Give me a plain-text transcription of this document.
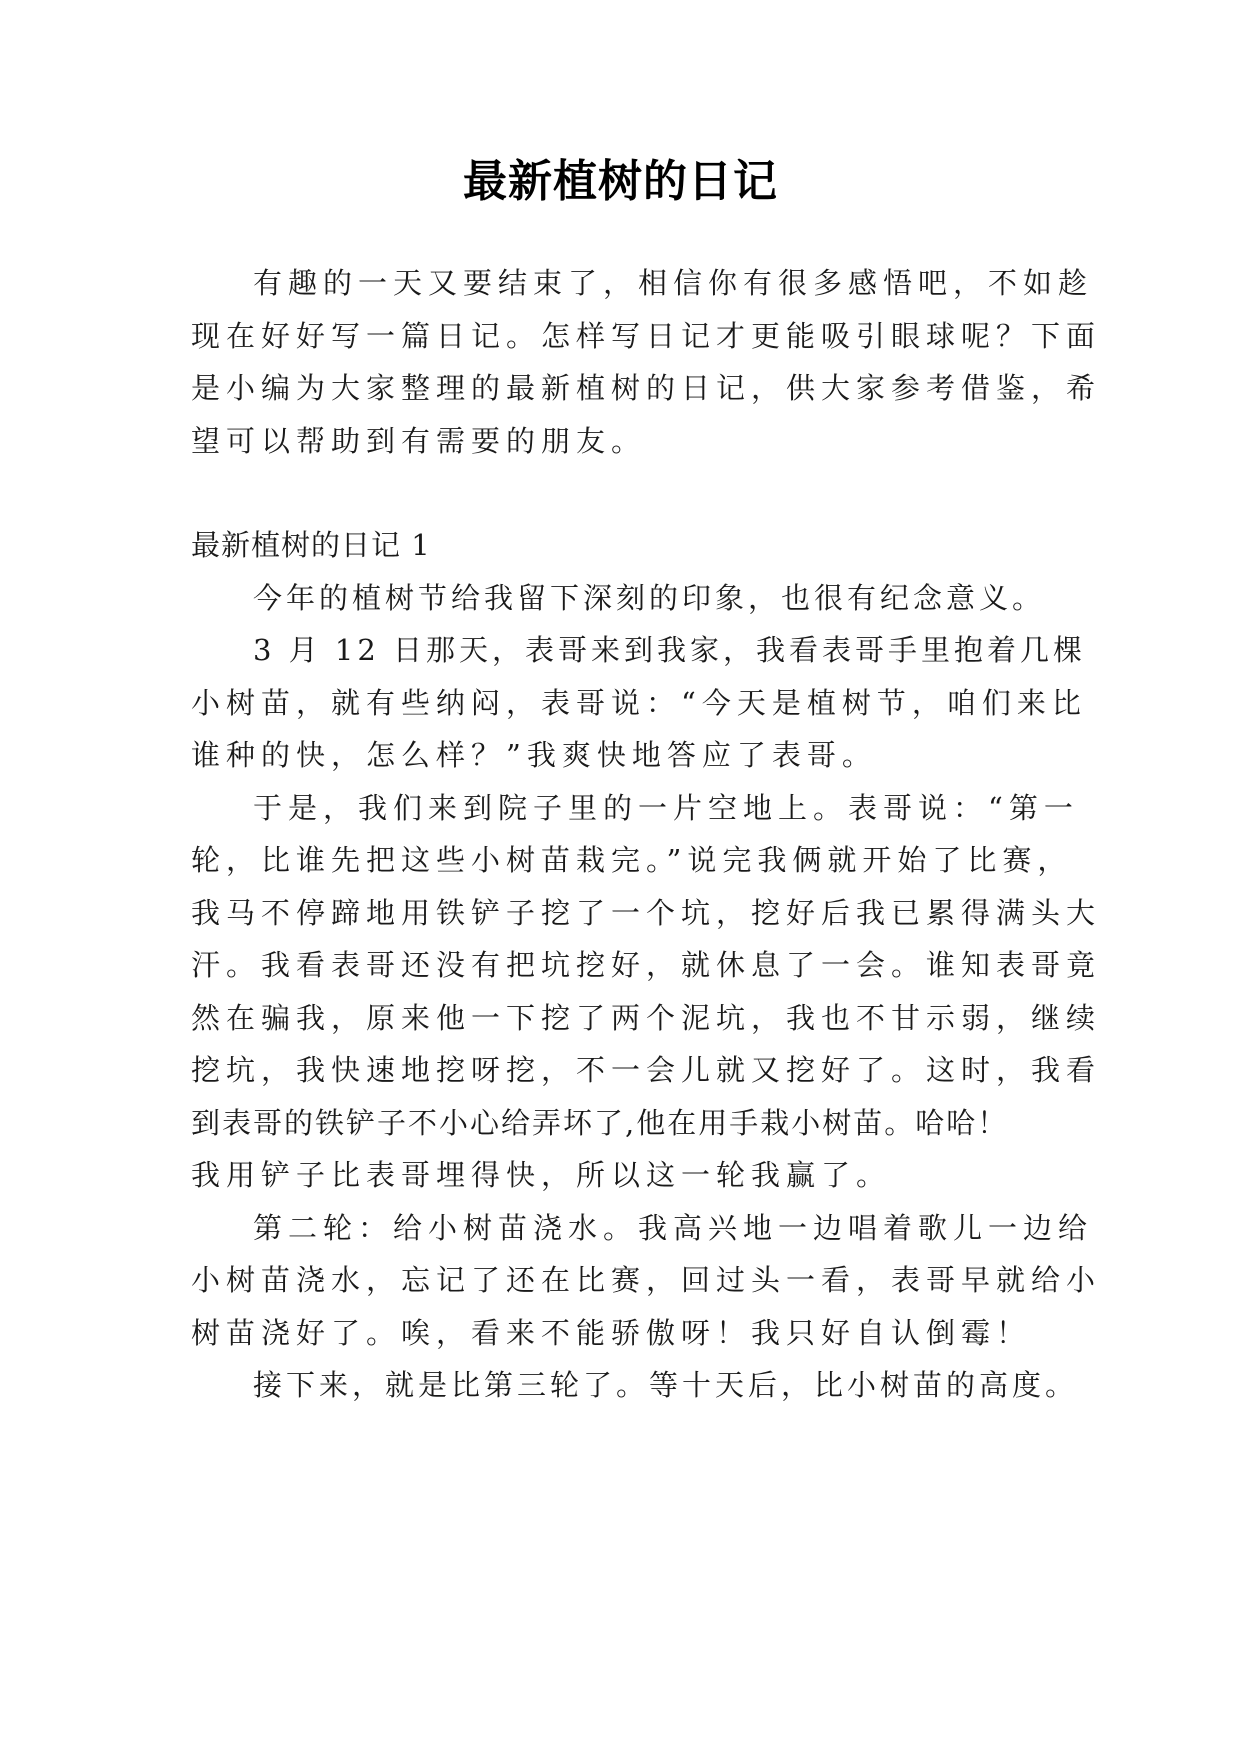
最新植树的日记
有趣的一天又要结束了，相信你有很多感悟吧，不如趁
现在好好写一篇日记。怎样写日记才更能吸引眼球呢？下面
是小编为大家整理的最新植树的日记，供大家参考借鉴，希
望可以帮助到有需要的朋友。
最新植树的日记 1
今年的植树节给我留下深刻的印象，也很有纪念意义。
3 月 12 日那天，表哥来到我家，我看表哥手里抱着几棵
小树苗，就有些纳闷，表哥说：“今天是植树节，咱们来比
谁种的快，怎么样？”我爽快地答应了表哥。
于是，我们来到院子里的一片空地上。表哥说：“第一
轮，比谁先把这些小树苗栽完。”说完我俩就开始了比赛，
我马不停蹄地用铁铲子挖了一个坑，挖好后我已累得满头大
汗。我看表哥还没有把坑挖好，就休息了一会。谁知表哥竟
然在骗我，原来他一下挖了两个泥坑，我也不甘示弱，继续
挖坑，我快速地挖呀挖，不一会儿就又挖好了。这时，我看
到表哥的铁铲子不小心给弄坏了,他在用手栽小树苗。哈哈！
我用铲子比表哥埋得快，所以这一轮我赢了。
第二轮：给小树苗浇水。我高兴地一边唱着歌儿一边给
小树苗浇水，忘记了还在比赛，回过头一看，表哥早就给小
树苗浇好了。唉，看来不能骄傲呀！我只好自认倒霉！
接下来，就是比第三轮了。等十天后，比小树苗的高度。
